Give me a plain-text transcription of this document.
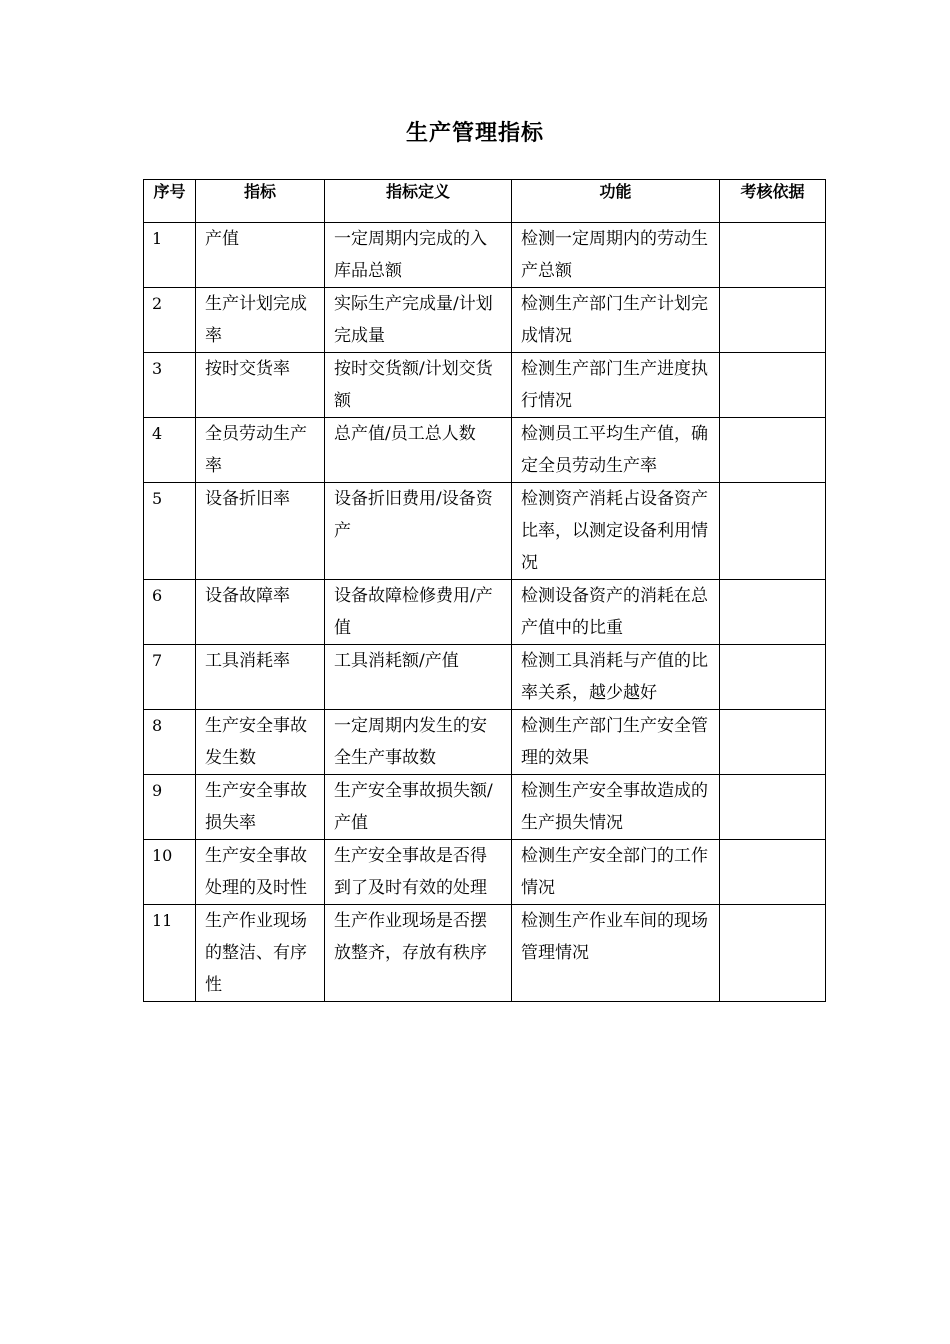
生产管理指标
序号	指标	指标定义	功能	考核依据
1	产值	一定周期内完成的入库品总额	检测一定周期内的劳动生产总额	
2	生产计划完成率	实际生产完成量/计划完成量	检测生产部门生产计划完成情况	
3	按时交货率	按时交货额/计划交货额	检测生产部门生产进度执行情况	
4	全员劳动生产率	总产值/员工总人数	检测员工平均生产值，确定全员劳动生产率	
5	设备折旧率	设备折旧费用/设备资产	检测资产消耗占设备资产比率，以测定设备利用情况	
6	设备故障率	设备故障检修费用/产值	检测设备资产的消耗在总产值中的比重	
7	工具消耗率	工具消耗额/产值	检测工具消耗与产值的比率关系，越少越好	
8	生产安全事故发生数	一定周期内发生的安全生产事故数	检测生产部门生产安全管理的效果	
9	生产安全事故损失率	生产安全事故损失额/产值	检测生产安全事故造成的生产损失情况	
10	生产安全事故处理的及时性	生产安全事故是否得到了及时有效的处理	检测生产安全部门的工作情况	
11	生产作业现场的整洁、有序性	生产作业现场是否摆放整齐，存放有秩序	检测生产作业车间的现场管理情况	
